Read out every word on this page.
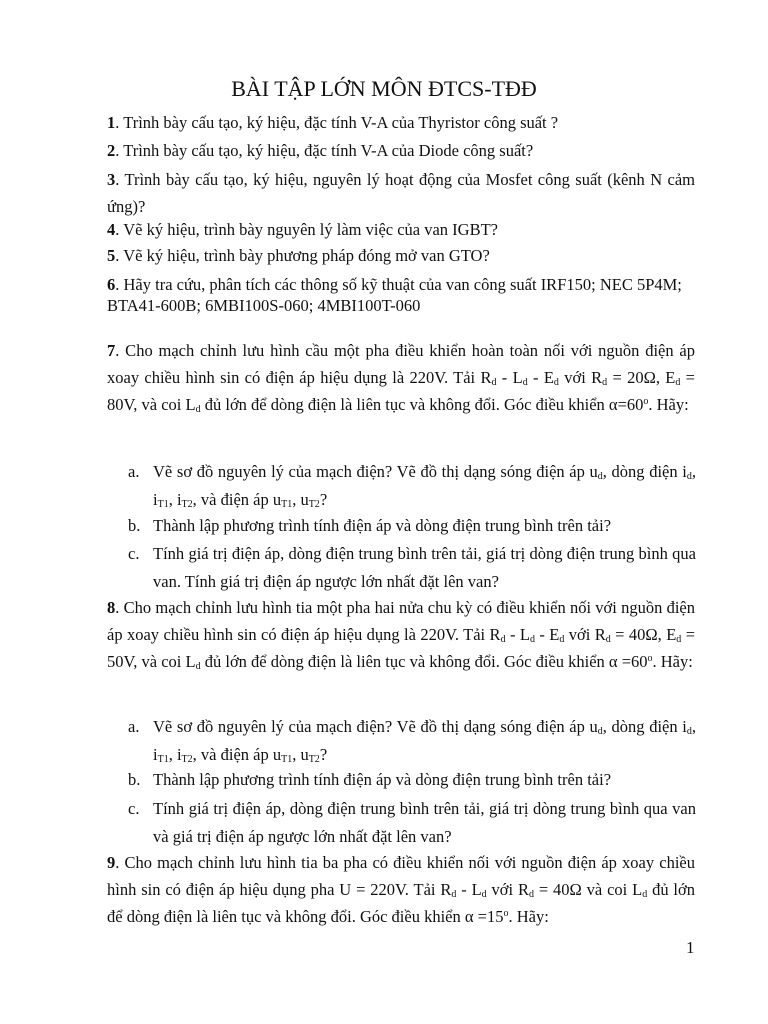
BÀI TẬP LỚN MÔN ĐTCS-TĐĐ
1. Trình bày cấu tạo, ký hiệu, đặc tính V-A của Thyristor công suất ?
2. Trình bày cấu tạo, ký hiệu, đặc tính V-A của Diode công suất?

3. Trình bày cấu tạo, ký hiệu, nguyên lý hoạt động của Mosfet công suất (kênh N cảm ứng)?

4. Vẽ ký hiệu, trình bày nguyên lý làm việc của van IGBT?
5. Vẽ ký hiệu, trình bày phương pháp đóng mở van GTO?

6. Hãy tra cứu, phân tích các thông số kỹ thuật của van công suất IRF150; NEC 5P4M; BTA41-600B; 6MBI100S-060; 4MBI100T-060

7. Cho mạch chỉnh lưu hình cầu một pha điều khiển hoàn toàn nối với nguồn điện áp xoay chiều hình sin có điện áp hiệu dụng là 220V. Tải $R_d - L_d - E_d$ với $R_d = 20\Omega$, $E_d = 80V$, và coi $L_d$ đủ lớn để dòng điện là liên tục và không đổi. Góc điều khiển $\alpha=60^o$. Hãy:

a. Vẽ sơ đồ nguyên lý của mạch điện? Vẽ đồ thị dạng sóng điện áp $u_d$, dòng điện $i_d$, $i_{T1}$, $i_{T2}$, và điện áp $u_{T1}$, $u_{T2}$?
b. Thành lập phương trình tính điện áp và dòng điện trung bình trên tải?
c. Tính giá trị điện áp, dòng điện trung bình trên tải, giá trị dòng điện trung bình qua van. Tính giá trị điện áp ngược lớn nhất đặt lên van?

8. Cho mạch chỉnh lưu hình tia một pha hai nửa chu kỳ có điều khiển nối với nguồn điện áp xoay chiều hình sin có điện áp hiệu dụng là 220V. Tải $R_d - L_d - E_d$ với $R_d = 40\Omega$, $E_d = 50V$, và coi $L_d$ đủ lớn để dòng điện là liên tục và không đổi. Góc điều khiển $\alpha =60^o$. Hãy:

a. Vẽ sơ đồ nguyên lý của mạch điện? Vẽ đồ thị dạng sóng điện áp $u_d$, dòng điện $i_d$, $i_{T1}$, $i_{T2}$, và điện áp $u_{T1}$, $u_{T2}$?
b. Thành lập phương trình tính điện áp và dòng điện trung bình trên tải?
c. Tính giá trị điện áp, dòng điện trung bình trên tải, giá trị dòng trung bình qua van và giá trị điện áp ngược lớn nhất đặt lên van?

9. Cho mạch chỉnh lưu hình tia ba pha có điều khiển nối với nguồn điện áp xoay chiều hình sin có điện áp hiệu dụng pha U = 220V. Tải $R_d - L_d$ với $R_d = 40\Omega$ và coi $L_d$ đủ lớn để dòng điện là liên tục và không đổi. Góc điều khiển $\alpha =15^o$. Hãy:

1
